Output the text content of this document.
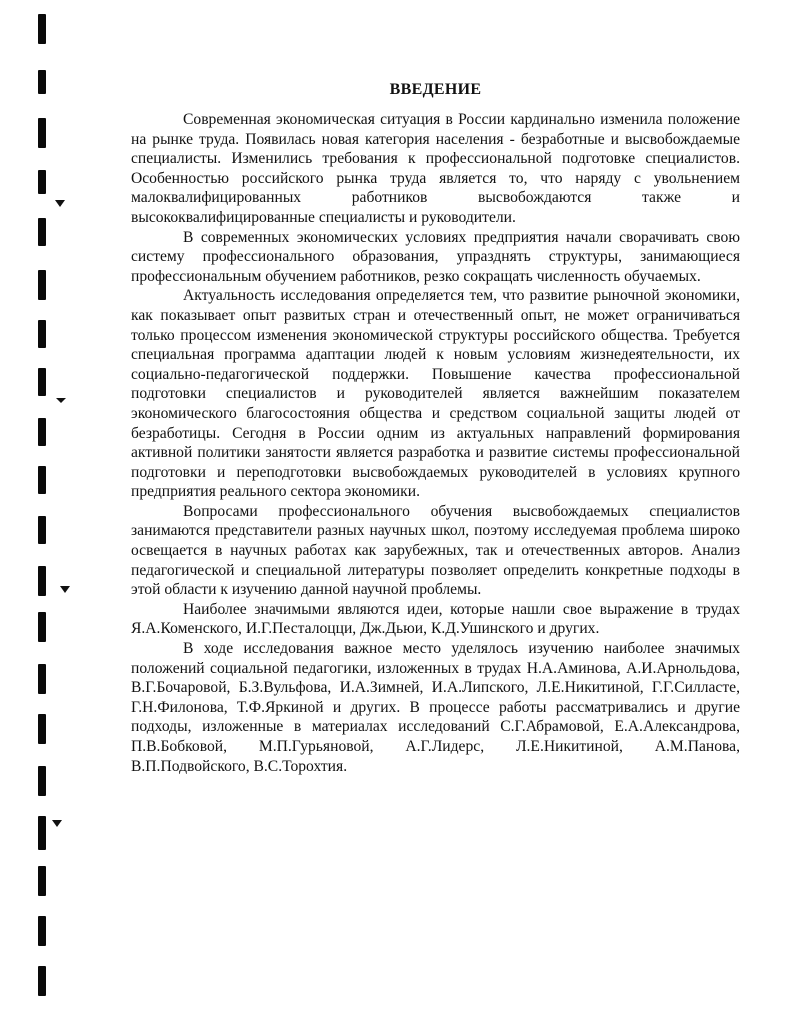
ВВЕДЕНИЕ

Современная экономическая ситуация в России кардинально изменила положение на рынке труда. Появилась новая категория населения - безработные и высвобождаемые специалисты. Изменились требования к профессиональной подготовке специалистов. Особенностью российского рынка труда является то, что наряду с увольнением малоквалифицированных работников высвобождаются также и высококвалифицированные специалисты и руководители.

В современных экономических условиях предприятия начали сворачивать свою систему профессионального образования, упразднять структуры, занимающиеся профессиональным обучением работников, резко сокращать численность обучаемых.

Актуальность исследования определяется тем, что развитие рыночной экономики, как показывает опыт развитых стран и отечественный опыт, не может ограничиваться только процессом изменения экономической структуры российского общества. Требуется специальная программа адаптации людей к новым условиям жизнедеятельности, их социально-педагогической поддержки. Повышение качества профессиональной подготовки специалистов и руководителей является важнейшим показателем экономического благосостояния общества и средством социальной защиты людей от безработицы. Сегодня в России одним из актуальных направлений формирования активной политики занятости является разработка и развитие системы профессиональной подготовки и переподготовки высвобождаемых руководителей в условиях крупного предприятия реального сектора экономики.

Вопросами профессионального обучения высвобождаемых специалистов занимаются представители разных научных школ, поэтому исследуемая проблема широко освещается в научных работах как зарубежных, так и отечественных авторов. Анализ педагогической и специальной литературы позволяет определить конкретные подходы в этой области к изучению данной научной проблемы.

Наиболее значимыми являются идеи, которые нашли свое выражение в трудах Я.А.Коменского, И.Г.Песталоцци, Дж.Дьюи, К.Д.Ушинского и других.

В ходе исследования важное место уделялось изучению наиболее значимых положений социальной педагогики, изложенных в трудах Н.А.Аминова, А.И.Арнольдова, В.Г.Бочаровой, Б.З.Вульфова, И.А.Зимней, И.А.Липского, Л.Е.Никитиной, Г.Г.Силласте, Г.Н.Филонова, Т.Ф.Яркиной и других. В процессе работы рассматривались и другие подходы, изложенные в материалах исследований С.Г.Абрамовой, Е.А.Александрова, П.В.Бобковой, М.П.Гурьяновой, А.Г.Лидерс, Л.Е.Никитиной, А.М.Панова, В.П.Подвойского, В.С.Торохтия.
